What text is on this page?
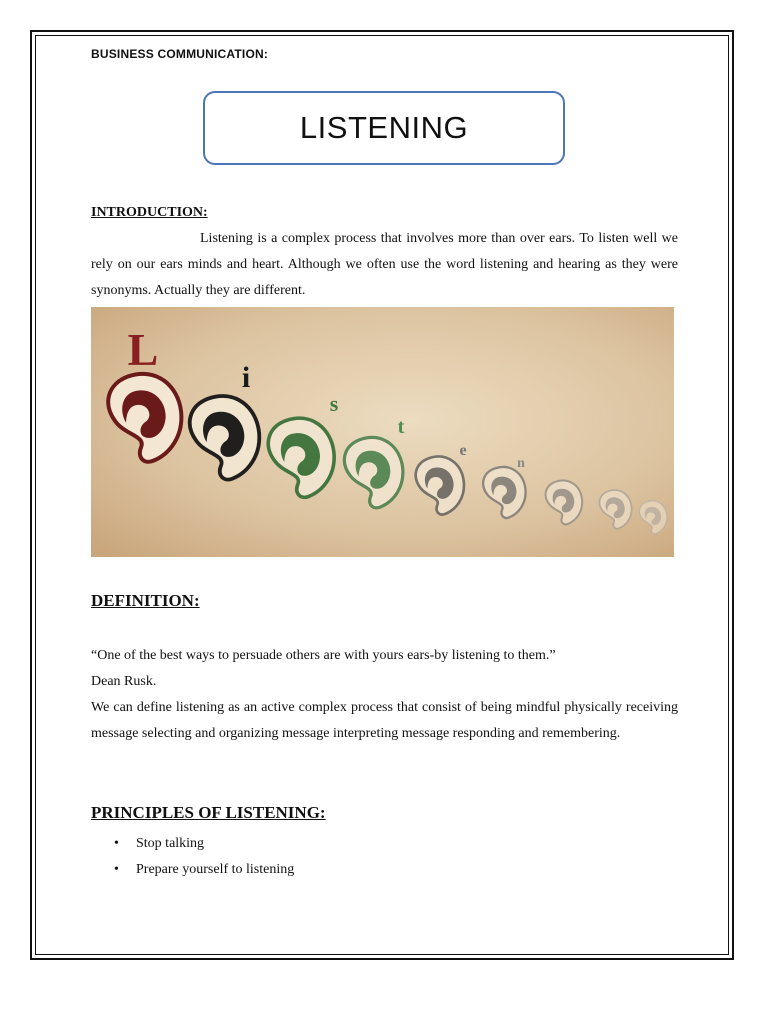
BUSINESS COMMUNICATION:
LISTENING
INTRODUCTION:

Listening is a complex process that involves more than over ears. To listen well we rely on our ears minds and heart. Although we often use the word listening and hearing as they were synonyms. Actually they are different.

L
i
s
t
e
n
DEFINITION:

“One of the best ways to persuade others are with yours ears-by listening to them.”

Dean Rusk.

We can define listening as an active complex process that consist of being mindful physically receiving message selecting and organizing message interpreting message responding and remembering.

PRINCIPLES OF LISTENING:
• Stop talking
• Prepare yourself to listening
